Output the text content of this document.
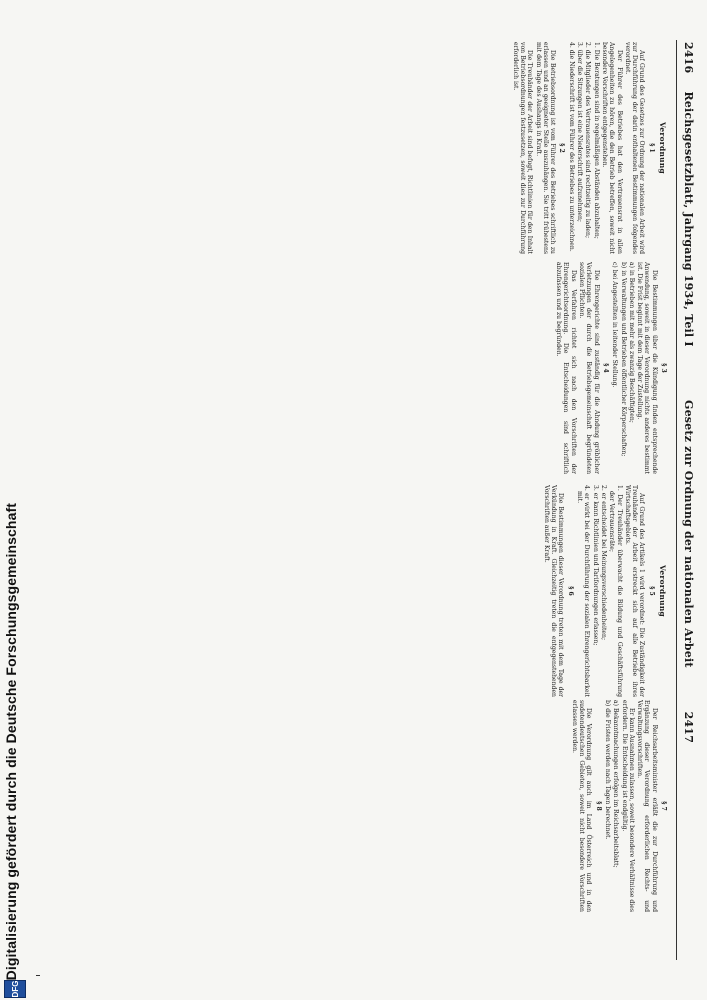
Digitalisierung gefördert durch die Deutsche Forschungsgemeinschaft
DFG
2416 Reichsgesetzblatt, Jahrgang 1934, Teil I
Gesetz zur Ordnung der nationalen Arbeit 2417
Verordnung
§ 1

Auf Grund des Gesetzes zur Ordnung der nationalen Arbeit wird zur Durchführung der darin enthaltenen Bestimmungen folgendes verordnet.

Der Führer des Betriebes hat den Vertrauensrat in allen Angelegenheiten zu hören, die den Betrieb betreffen, soweit nicht besondere Vorschriften entgegenstehen.

1. Die Beratungen sind in regelmäßigen Abständen abzuhalten;
2. die Mitglieder des Vertrauensrates sind rechtzeitig zu laden;
3. über die Sitzungen ist eine Niederschrift aufzunehmen;
4. die Niederschrift ist vom Führer des Betriebes zu unterzeichnen.
§ 2

Die Betriebsordnung ist vom Führer des Betriebes schriftlich zu erlassen und an geeigneter Stelle auszuhängen. Sie tritt frühestens mit dem Tage des Aushangs in Kraft.

Die Treuhänder der Arbeit sind befugt, Richtlinien für den Inhalt von Betriebsordnungen festzusetzen, soweit dies zur Durchführung erforderlich ist.

§ 3

Die Bestimmungen über die Kündigung finden entsprechende Anwendung, soweit in dieser Verordnung nichts anderes bestimmt ist. Die Frist beginnt mit dem Tage der Zustellung.

a) in Betrieben mit mehr als zwanzig Beschäftigten;
b) in Verwaltungen und Betrieben öffentlicher Körperschaften;
c) bei Angestellten in leitender Stellung.
§ 4

Die Ehrengerichte sind zuständig für die Ahndung gröblicher Verletzungen der durch die Betriebsgemeinschaft begründeten sozialen Pflichten.

Das Verfahren richtet sich nach den Vorschriften der Ehrengerichtsordnung. Die Entscheidungen sind schriftlich abzufassen und zu begründen.

Verordnung
§ 5

Auf Grund des Artikels 1 wird verordnet: Die Zuständigkeit der Treuhänder der Arbeit erstreckt sich auf alle Betriebe ihres Wirtschaftsgebiets.

1. Der Treuhänder überwacht die Bildung und Geschäftsführung der Vertrauensräte;
2. er entscheidet bei Meinungsverschiedenheiten;
3. er kann Richtlinien und Tarifordnungen erlassen;
4. er wirkt bei der Durchführung der sozialen Ehrengerichtsbarkeit mit.
§ 6

Die Bestimmungen dieser Verordnung treten mit dem Tage der Verkündung in Kraft. Gleichzeitig treten die entgegenstehenden Vorschriften außer Kraft.

§ 7

Der Reichsarbeitsminister erläßt die zur Durchführung und Ergänzung dieser Verordnung erforderlichen Rechts- und Verwaltungsvorschriften.

Er kann Ausnahmen zulassen, soweit besondere Verhältnisse dies erfordern. Die Entscheidung ist endgültig.

a) Bekanntmachungen erfolgen im Reichsarbeitsblatt;
b) die Fristen werden nach Tagen berechnet.
§ 8

Die Verordnung gilt auch im Land Österreich und in den sudetendeutschen Gebieten, soweit nicht besondere Vorschriften erlassen werden.
